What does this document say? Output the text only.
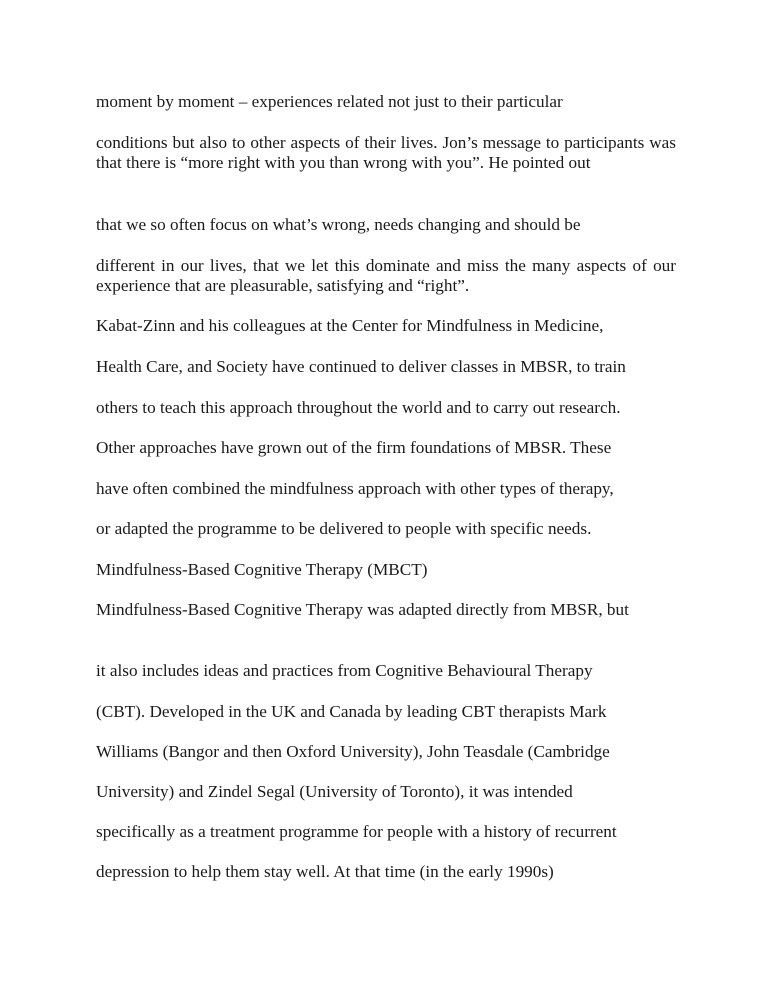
moment by moment – experiences related not just to their particular

conditions but also to other aspects of their lives. Jon’s message to participants was that there is “more right with you than wrong with you”. He pointed out

that we so often focus on what’s wrong, needs changing and should be

different in our lives, that we let this dominate and miss the many aspects of our experience that are pleasurable, satisfying and “right”.

Kabat-Zinn and his colleagues at the Center for Mindfulness in Medicine,

Health Care, and Society have continued to deliver classes in MBSR, to train

others to teach this approach throughout the world and to carry out research.

Other approaches have grown out of the firm foundations of MBSR. These

have often combined the mindfulness approach with other types of therapy,

or adapted the programme to be delivered to people with specific needs.

Mindfulness-Based Cognitive Therapy (MBCT)

Mindfulness-Based Cognitive Therapy was adapted directly from MBSR, but

it also includes ideas and practices from Cognitive Behavioural Therapy

(CBT). Developed in the UK and Canada by leading CBT therapists Mark

Williams (Bangor and then Oxford University), John Teasdale (Cambridge

University) and Zindel Segal (University of Toronto), it was intended

specifically as a treatment programme for people with a history of recurrent

depression to help them stay well. At that time (in the early 1990s)
